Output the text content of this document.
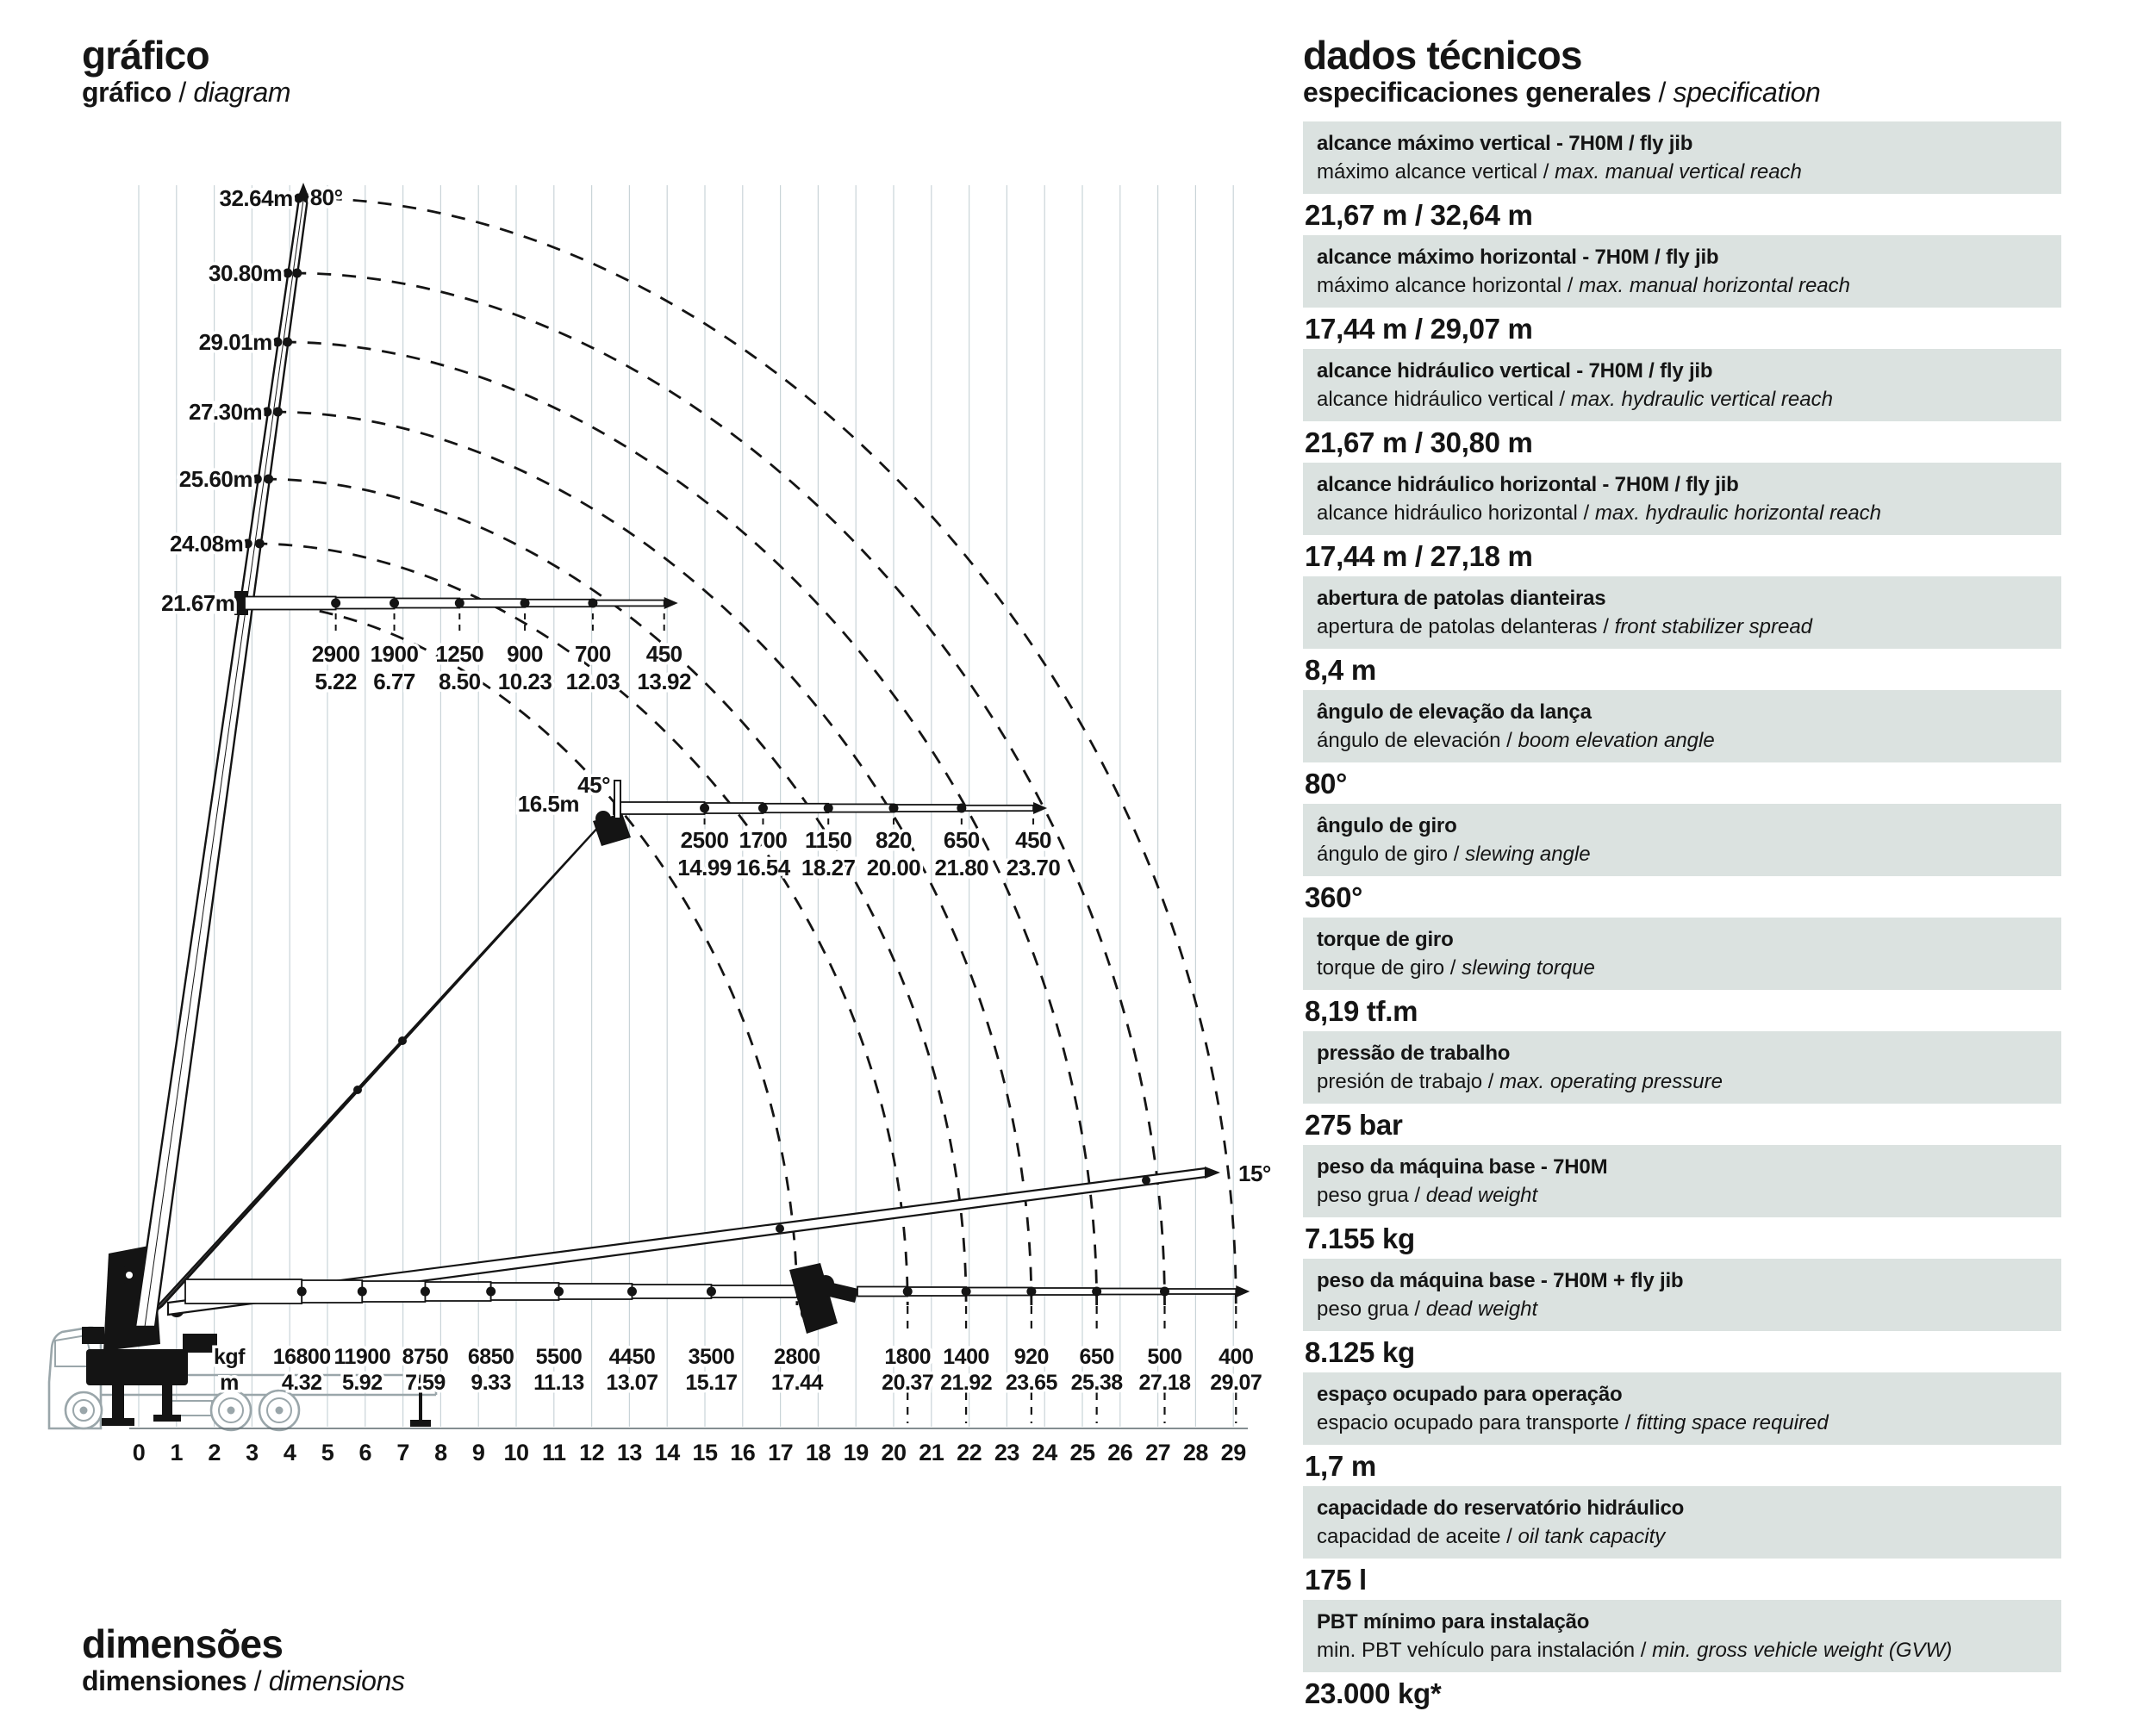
gráfico
gráfico / diagram
2900
5.22
1900
6.77
1250
8.50
900
10.23
700
12.03
450
13.92
2500
14.99
1700
16.54
1150
18.27
820
20.00
650
21.80
450
23.70
16800
4.32
11900
5.92
8750
7.59
6850
9.33
5500
11.13
4450
13.07
3500
15.17
2800
17.44
1800
20.37
1400
21.92
920
23.65
650
25.38
500
27.18
400
29.07
kgf
m
32.64m
30.80m
29.01m
27.30m
25.60m
24.08m
21.67m
80°
16.5m
45°
15°
0 1 2 3 4 5 6 7 8 9 10 11 12 13 14 15 16 17 18 19 20 21 22 23 24 25 26 27 28 29
dimensões
dimensiones / dimensions
dados técnicos
especificaciones generales / specification
alcance máximo vertical - 7H0M / fly jib
máximo alcance vertical / max. manual vertical reach
21,67 m / 32,64 m
alcance máximo horizontal - 7H0M / fly jib
máximo alcance horizontal / max. manual horizontal reach
17,44 m / 29,07 m
alcance hidráulico vertical - 7H0M / fly jib
alcance hidráulico vertical / max. hydraulic vertical reach
21,67 m / 30,80 m
alcance hidráulico horizontal - 7H0M / fly jib
alcance hidráulico horizontal / max. hydraulic horizontal reach
17,44 m / 27,18 m
abertura de patolas dianteiras
apertura de patolas delanteras / front stabilizer spread
8,4 m
ângulo de elevação da lança
ángulo de elevación / boom elevation angle
80°
ângulo de giro
ángulo de giro / slewing angle
360°
torque de giro
torque de giro / slewing torque
8,19 tf.m
pressão de trabalho
presión de trabajo / max. operating pressure
275 bar
peso da máquina base - 7H0M
peso grua / dead weight
7.155 kg
peso da máquina base - 7H0M + fly jib
peso grua / dead weight
8.125 kg
espaço ocupado para operação
espacio ocupado para transporte / fitting space required
1,7 m
capacidade do reservatório hidráulico
capacidad de aceite / oil tank capacity
175 l
PBT mínimo para instalação
min. PBT vehículo para instalación / min. gross vehicle weight (GVW)
23.000 kg*
